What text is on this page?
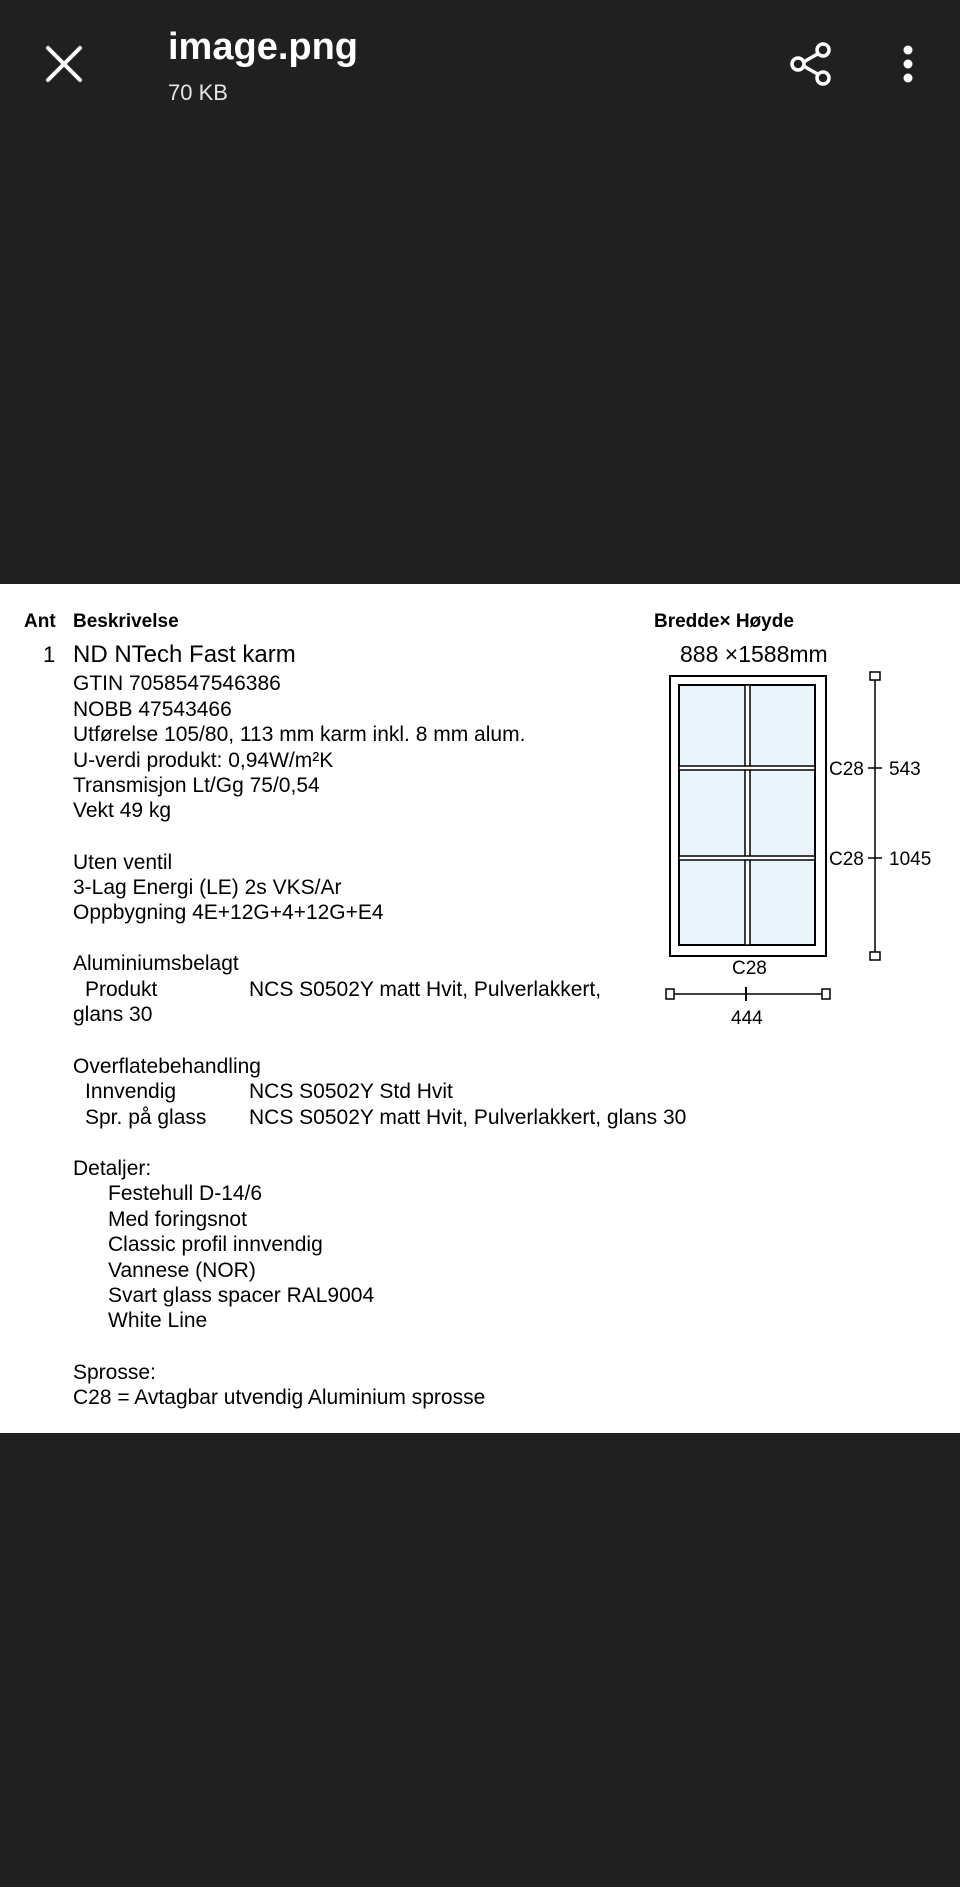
image.png
70 KB
Ant Beskrivelse	Bredde× Høyde
1 ND NTech Fast karm	888 ×1588mm
GTIN 7058547546386
NOBB 47543466
Utførelse 105/80, 113 mm karm inkl. 8 mm alum.
U-verdi produkt: 0,94W/m²K
Transmisjon Lt/Gg 75/0,54
Vekt 49 kg
Uten ventil
3-Lag Energi (LE) 2s VKS/Ar
Oppbygning 4E+12G+4+12G+E4
Aluminiumsbelagt
Produkt	NCS S0502Y matt Hvit, Pulverlakkert,
glans 30
Overflatebehandling
Innvendig	NCS S0502Y Std Hvit
Spr. på glass NCS S0502Y matt Hvit, Pulverlakkert, glans 30
Detaljer:
Festehull D-14/6
Med foringsnot
Classic profil innvendig
Vannese (NOR)
Svart glass spacer RAL9004
White Line
Sprosse:
C28 = Avtagbar utvendig Aluminium sprosse
C28 543
C28 1045
C28
444
